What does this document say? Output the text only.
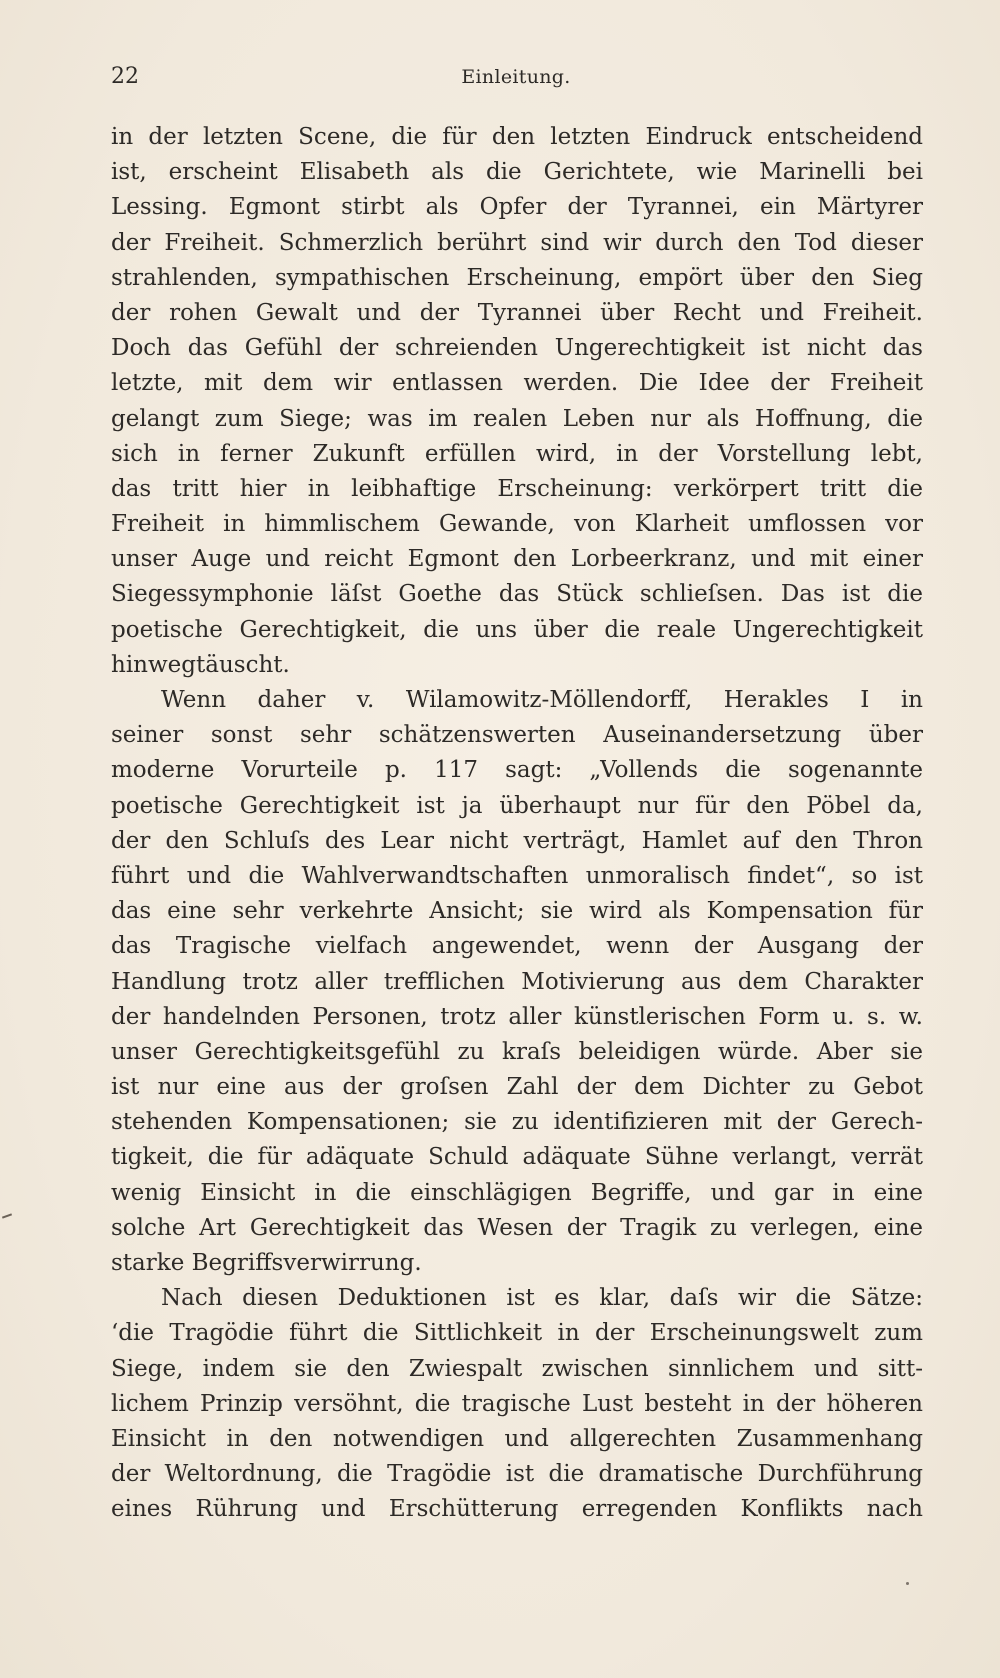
22	Einleitung.
in der letzten Scene, die für den letzten Eindruck entscheidend
ist, erscheint Elisabeth als die Gerichtete, wie Marinelli bei
Lessing. Egmont stirbt als Opfer der Tyrannei, ein Märtyrer
der Freiheit. Schmerzlich berührt sind wir durch den Tod dieser
strahlenden, sympathischen Erscheinung, empört über den Sieg
der rohen Gewalt und der Tyrannei über Recht und Freiheit.
Doch das Gefühl der schreienden Ungerechtigkeit ist nicht das
letzte, mit dem wir entlassen werden. Die Idee der Freiheit
gelangt zum Siege; was im realen Leben nur als Hoffnung, die
sich in ferner Zukunft erfüllen wird, in der Vorstellung lebt,
das tritt hier in leibhaftige Erscheinung: verkörpert tritt die
Freiheit in himmlischem Gewande, von Klarheit umflossen vor
unser Auge und reicht Egmont den Lorbeerkranz, und mit einer
Siegessymphonie läſst Goethe das Stück schlieſsen. Das ist die
poetische Gerechtigkeit, die uns über die reale Ungerechtigkeit
hinwegtäuscht.
Wenn daher v. Wilamowitz-Möllendorff, Herakles I in
seiner sonst sehr schätzenswerten Auseinandersetzung über
moderne Vorurteile p. 117 sagt: „Vollends die sogenannte
poetische Gerechtigkeit ist ja überhaupt nur für den Pöbel da,
der den Schluſs des Lear nicht verträgt, Hamlet auf den Thron
führt und die Wahlverwandtschaften unmoralisch findet“, so ist
das eine sehr verkehrte Ansicht; sie wird als Kompensation für
das Tragische vielfach angewendet, wenn der Ausgang der
Handlung trotz aller trefflichen Motivierung aus dem Charakter
der handelnden Personen, trotz aller künstlerischen Form u. s. w.
unser Gerechtigkeitsgefühl zu kraſs beleidigen würde. Aber sie
ist nur eine aus der groſsen Zahl der dem Dichter zu Gebot
stehenden Kompensationen; sie zu identifizieren mit der Gerech-
tigkeit, die für adäquate Schuld adäquate Sühne verlangt, verrät
wenig Einsicht in die einschlägigen Begriffe, und gar in eine
solche Art Gerechtigkeit das Wesen der Tragik zu verlegen, eine
starke Begriffsverwirrung.
Nach diesen Deduktionen ist es klar, daſs wir die Sätze:
‘die Tragödie führt die Sittlichkeit in der Erscheinungswelt zum
Siege, indem sie den Zwiespalt zwischen sinnlichem und sitt-
lichem Prinzip versöhnt, die tragische Lust besteht in der höheren
Einsicht in den notwendigen und allgerechten Zusammenhang
der Weltordnung, die Tragödie ist die dramatische Durchführung
eines Rührung und Erschütterung erregenden Konflikts nach
